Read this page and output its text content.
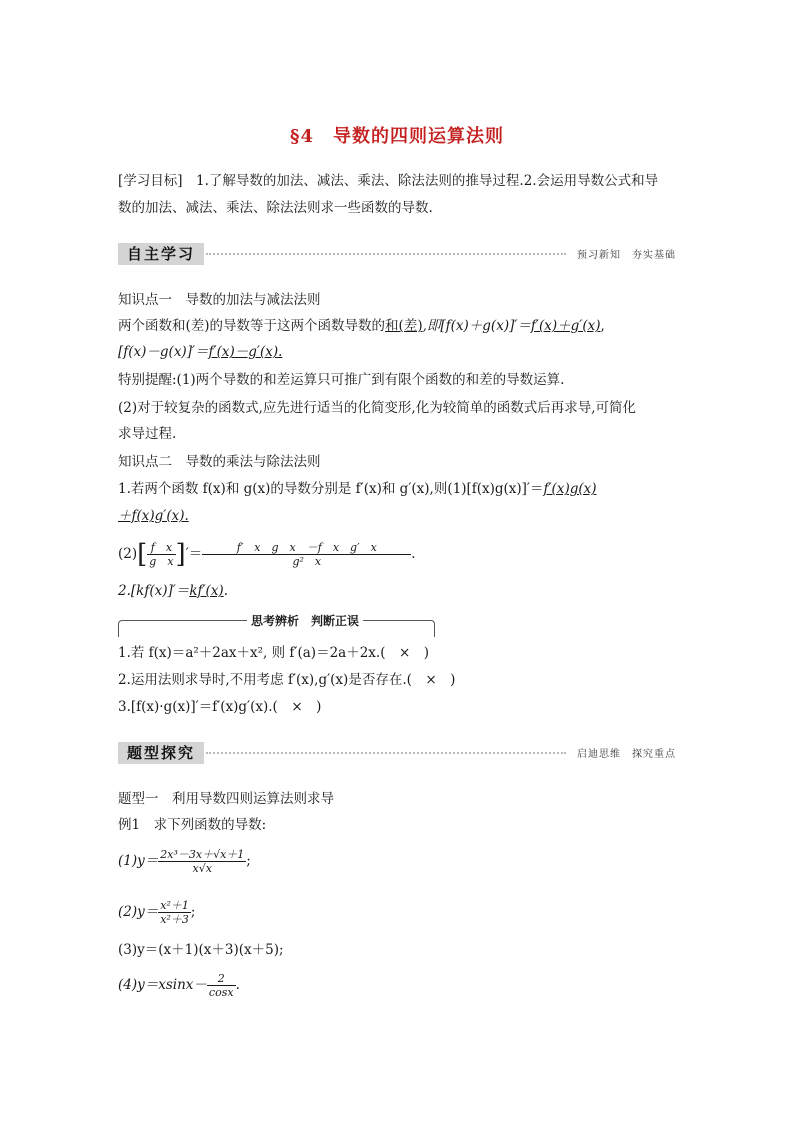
§4　导数的四则运算法则
[学习目标]　1.了解导数的加法、减法、乘法、除法法则的推导过程.2.会运用导数公式和导
数的加法、减法、乘法、除法法则求一些函数的导数.
自主学习	预习新知　夯实基础
知识点一　导数的加法与减法法则
两个函数和(差)的导数等于这两个函数导数的和(差),即[f(x)＋g(x)]′＝f′(x)＋g′(x),
[f(x)－g(x)]′＝f′(x)－g′(x).
特别提醒:(1)两个导数的和差运算只可推广到有限个函数的和差的导数运算.
(2)对于较复杂的函数式,应先进行适当的化简变形,化为较简单的函数式后再求导,可简化
求导过程.
知识点二　导数的乘法与除法法则
1.若两个函数 f(x)和 g(x)的导数分别是 f′(x)和 g′(x),则(1)[f(x)g(x)]′＝f′(x)g(x)
＋f(x)g′(x).
$(2)[ \frac{\text{f　x}}{\text{g　x}}$ ]′＝ $\frac{\text{f′　x　g　x　－f　x　g′　x}}{\text{g²　x}}$ .
2.[kf(x)]′＝kf′(x).
思考辨析　判断正误
1.若 f(x)＝a²＋2ax＋x², 则 f′(a)＝2a＋2x.(　×　)
2.运用法则求导时,不用考虑 f′(x),g′(x)是否存在.(　×　)
3.[f(x)·g(x)]′＝f′(x)g′(x).(　×　)
题型探究	启迪思维　探究重点
题型一　利用导数四则运算法则求导
例1　求下列函数的导数:
$(1)y= \frac{\text{2x³－3x＋√x＋1}}{x√x}$ ;
$(2)y= \frac{\text{x²＋1}}{\text{x²＋3}}$ ;
(3)y＝(x＋1)(x＋3)(x＋5);
$(4)y=xsinx- \frac{2}{\cos x}$ .
